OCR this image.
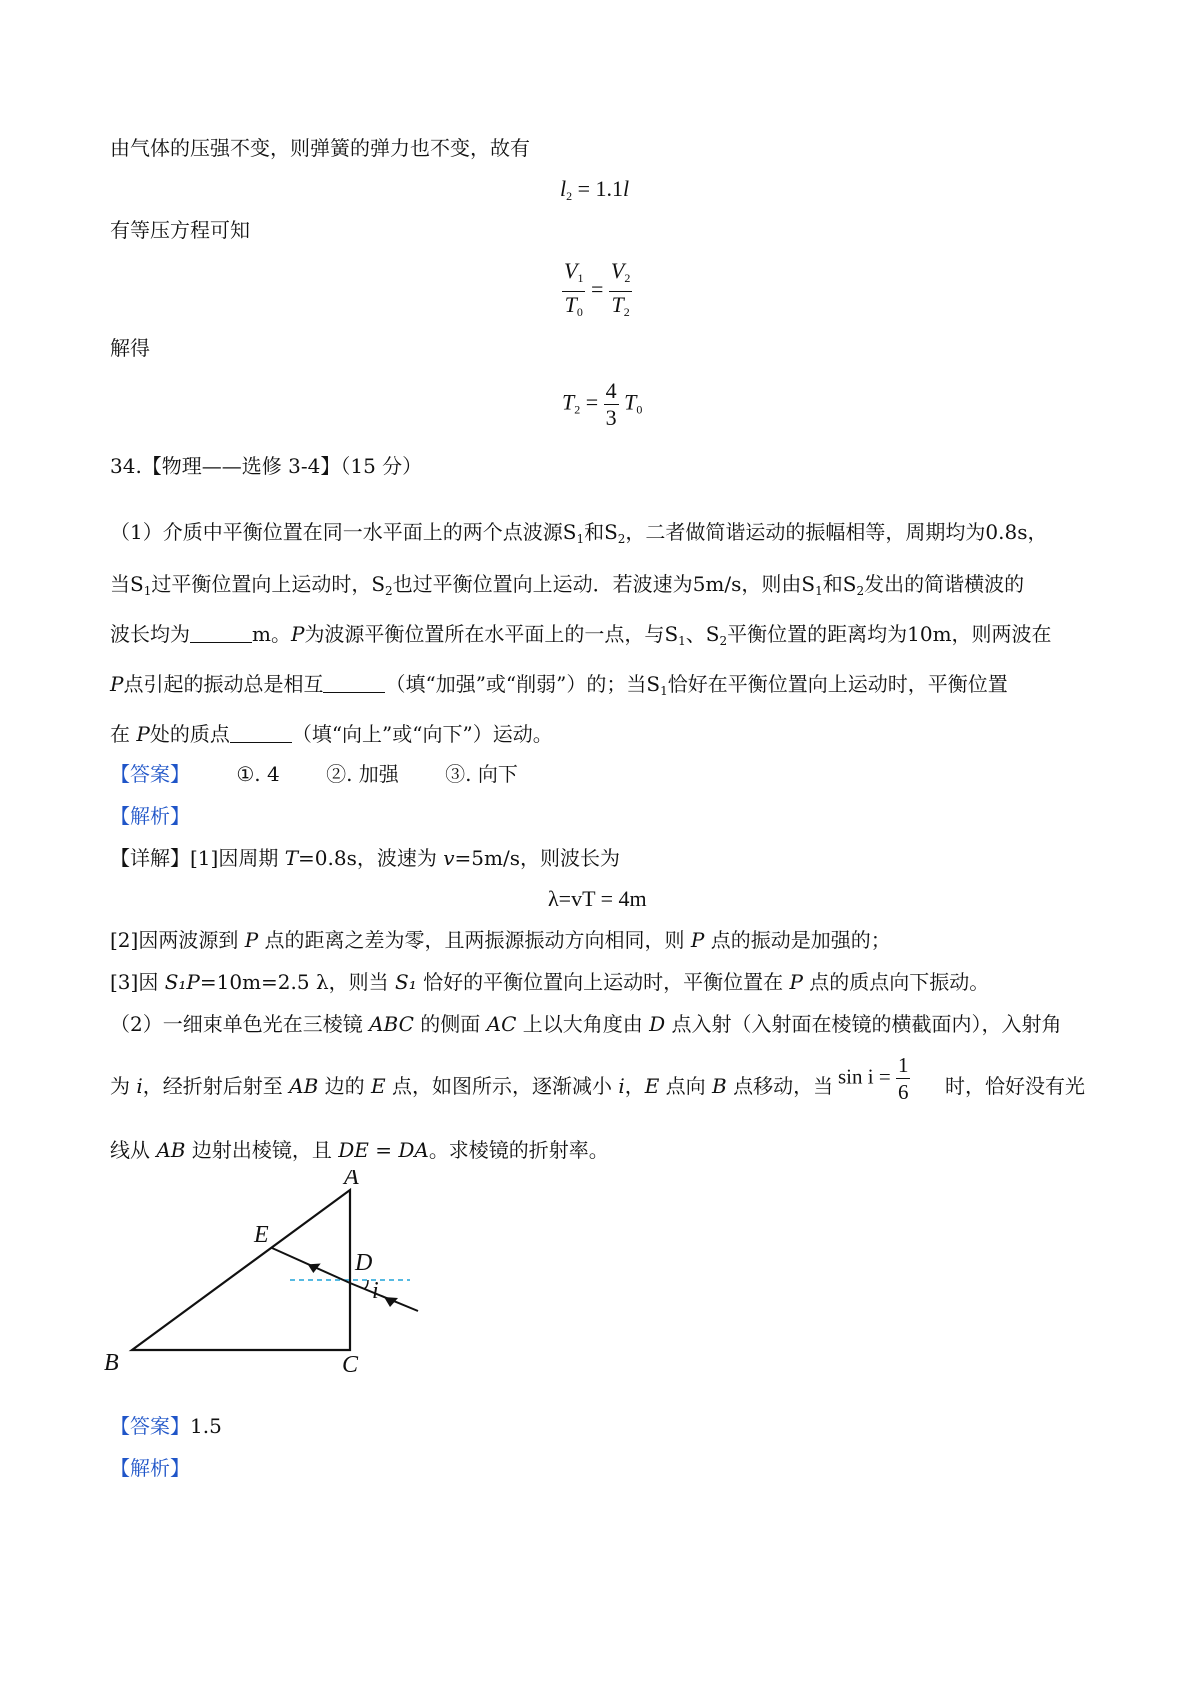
由气体的压强不变，则弹簧的弹力也不变，故有
$l_2 = 1.1l$
有等压方程可知
$\frac{V_1}{T_0} = \frac{V_2}{T_2}$
解得
$T_2 = \frac{4}{3} T_0$
34.【物理——选修 3-4】（15 分）
（1）介质中平衡位置在同一水平面上的两个点波源$S_1$和$S_2$，二者做简谐运动的振幅相等，周期均为0.8s，
当$S_1$过平衡位置向上运动时，$S_2$也过平衡位置向上运动．若波速为5m/s，则由$S_1$和$S_2$发出的简谐横波的
波长均为	m。P为波源平衡位置所在水平面上的一点，与$S_1$、$S_2$平衡位置的距离均为10m，则两波在
P点引起的振动总是相互	（填“加强”或“削弱”）的；当$S_1$恰好在平衡位置向上运动时，平衡位置
在 P处的质点	（填“向上”或“向下”）运动。
【答案】 ①. 4 ②. 加强 ③. 向下
【解析】
【详解】[1]因周期 T=0.8s，波速为 v=5m/s，则波长为
λ=vT = 4m
[2]因两波源到 P 点的距离之差为零，且两振源振动方向相同，则 P 点的振动是加强的；
[3]因 S₁P=10m=2.5 λ，则当 S₁ 恰好的平衡位置向上运动时，平衡位置在 P 点的质点向下振动。
（2）一细束单色光在三棱镜 ABC 的侧面 AC 上以大角度由 D 点入射（入射面在棱镜的横截面内），入射角
为 i，经折射后射至 AB 边的 E 点，如图所示，逐渐减小 i，E 点向 B 点移动，当 $\sin i = \frac{1}{6}$ 时，恰好没有光
线从 AB 边射出棱镜，且 DE = DA。求棱镜的折射率。
A
E
D
i
B	C
【答案】1.5
【解析】
